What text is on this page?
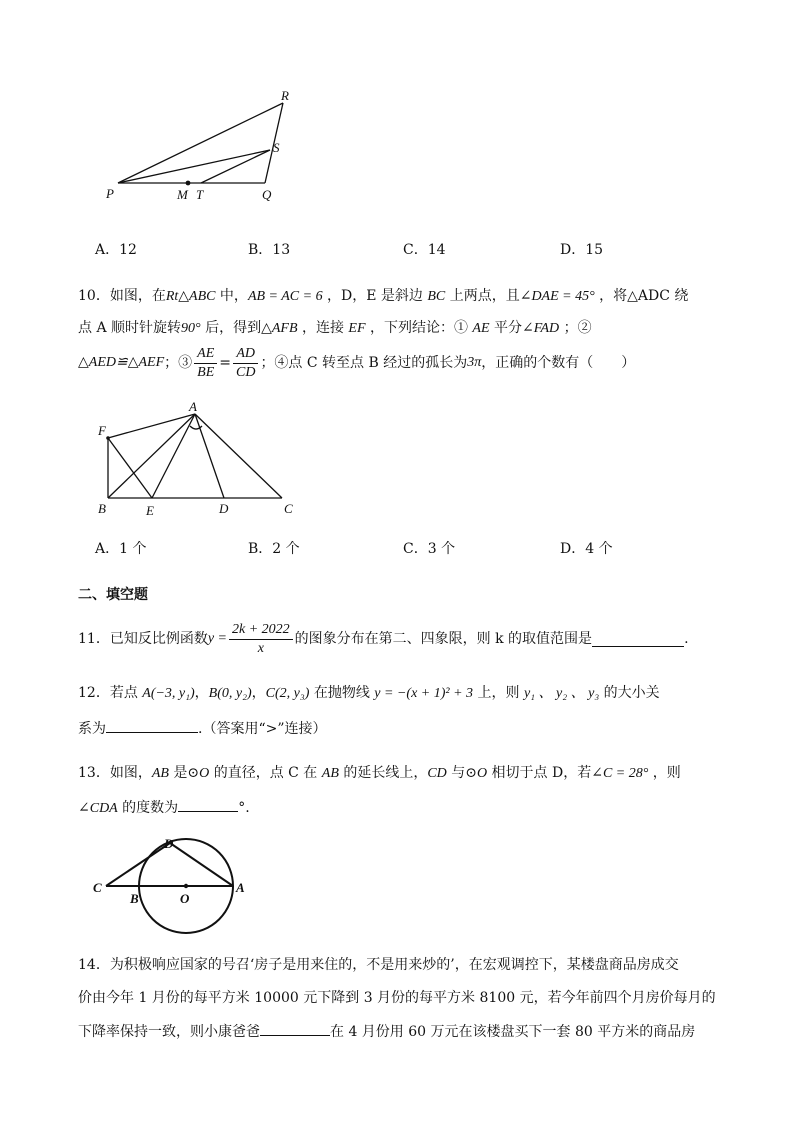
R
S
P	M T	Q
A．12	B．13	C．14	D．15
10．如图，在Rt△ABC 中，AB = AC = 6 ，D，E 是斜边 BC 上两点，且∠DAE = 45° ，将△ADC 绕
点 A 顺时针旋转90° 后，得到△AFB ，连接 EF ，下列结论：① AE 平分∠FAD ；②
△AED≌△AEF ；③ $\frac{AE}{BE} = \frac{AD}{CD}$ ；④点 C 转至点 B 经过的孤长为 3π ，正确的个数有（　　）
A
F
B	E	D	C
A．1 个	B．2 个	C．3 个	D．4 个
二、填空题
11．已知反比例函数 $y = \frac{2k + 2022}{x}$ 的图象分布在第二、四象限，则 k 的取值范围是	.
12．若点 A(−3, y₁)，B(0, y₂)，C(2, y₃) 在抛物线 y = −(x + 1)² + 3 上，则 y₁ 、 y₂ 、 y₃ 的大小关
系为	.（答案用“>”连接）
13．如图，AB 是⊙O 的直径，点 C 在 AB 的延长线上，CD 与⊙O 相切于点 D，若∠C = 28° ，则
∠CDA 的度数为	°.
D
C
B	O
A
14．为积极响应国家的号召‘房子是用来住的，不是用来炒的’，在宏观调控下，某楼盘商品房成交
价由今年 1 月份的每平方米 10000 元下降到 3 月份的每平方米 8100 元，若今年前四个月房价每月的
下降率保持一致，则小康爸爸	在 4 月份用 60 万元在该楼盘买下一套 80 平方米的商品房
